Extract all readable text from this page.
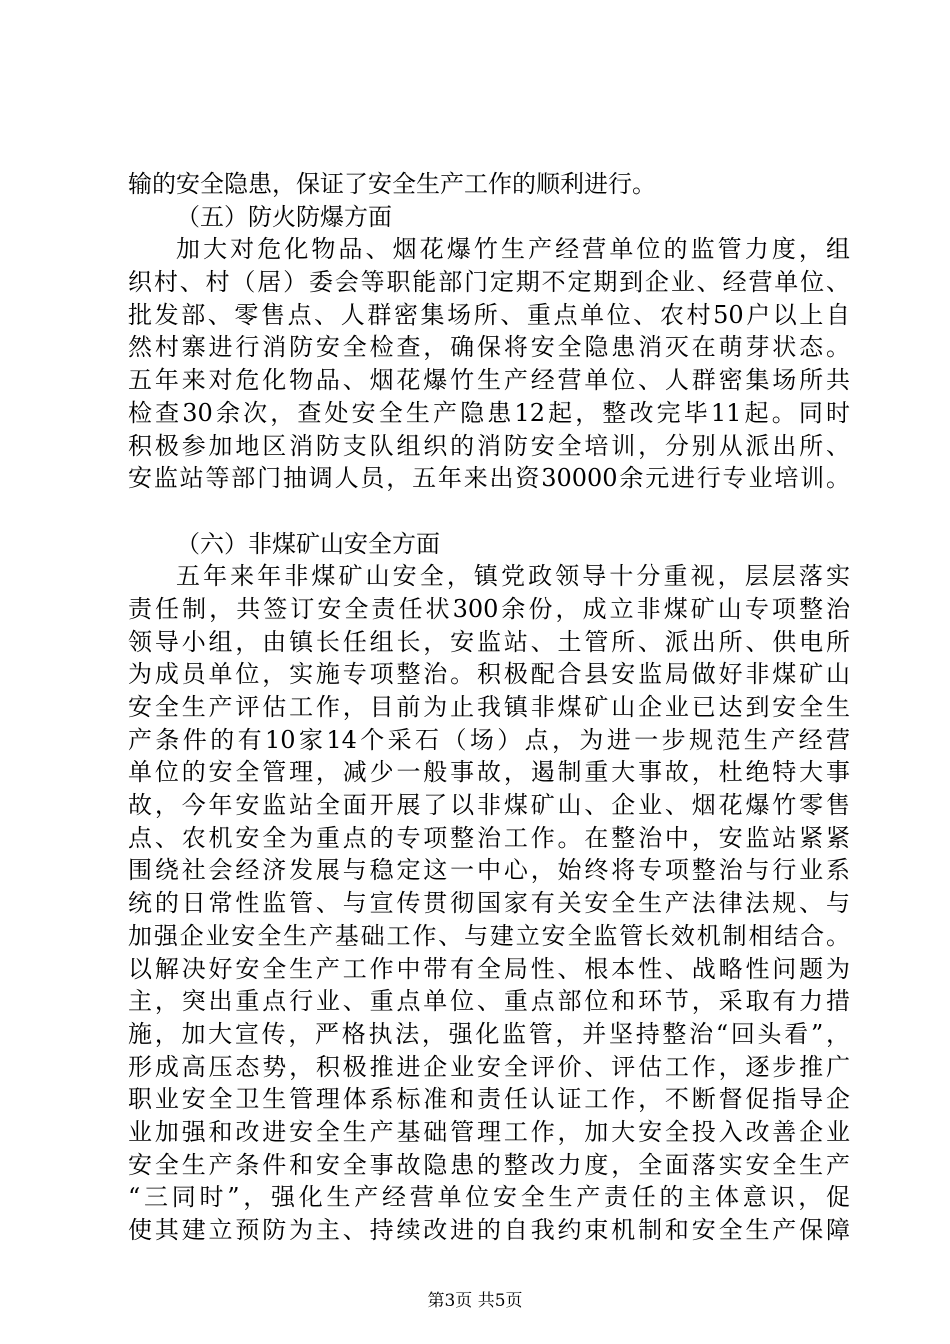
输的安全隐患，保证了安全生产工作的顺利进行。
（五）防火防爆方面
加大对危化物品、烟花爆竹生产经营单位的监管力度，组
织村、村（居）委会等职能部门定期不定期到企业、经营单位、
批发部、零售点、人群密集场所、重点单位、农村50户以上自
然村寨进行消防安全检查，确保将安全隐患消灭在萌芽状态。
五年来对危化物品、烟花爆竹生产经营单位、人群密集场所共
检查30余次，查处安全生产隐患12起，整改完毕11起。同时
积极参加地区消防支队组织的消防安全培训，分别从派出所、
安监站等部门抽调人员，五年来出资30000余元进行专业培训。
（六）非煤矿山安全方面
五年来年非煤矿山安全，镇党政领导十分重视，层层落实
责任制，共签订安全责任状300余份，成立非煤矿山专项整治
领导小组，由镇长任组长，安监站、土管所、派出所、供电所
为成员单位，实施专项整治。积极配合县安监局做好非煤矿山
安全生产评估工作，目前为止我镇非煤矿山企业已达到安全生
产条件的有10家14个采石（场）点，为进一步规范生产经营
单位的安全管理，减少一般事故，遏制重大事故，杜绝特大事
故，今年安监站全面开展了以非煤矿山、企业、烟花爆竹零售
点、农机安全为重点的专项整治工作。在整治中，安监站紧紧
围绕社会经济发展与稳定这一中心，始终将专项整治与行业系
统的日常性监管、与宣传贯彻国家有关安全生产法律法规、与
加强企业安全生产基础工作、与建立安全监管长效机制相结合。
以解决好安全生产工作中带有全局性、根本性、战略性问题为
主，突出重点行业、重点单位、重点部位和环节，采取有力措
施，加大宣传，严格执法，强化监管，并坚持整治“回头看”，
形成高压态势，积极推进企业安全评价、评估工作，逐步推广
职业安全卫生管理体系标准和责任认证工作，不断督促指导企
业加强和改进安全生产基础管理工作，加大安全投入改善企业
安全生产条件和安全事故隐患的整改力度，全面落实安全生产
“三同时”，强化生产经营单位安全生产责任的主体意识，促
使其建立预防为主、持续改进的自我约束机制和安全生产保障
第3页 共5页
